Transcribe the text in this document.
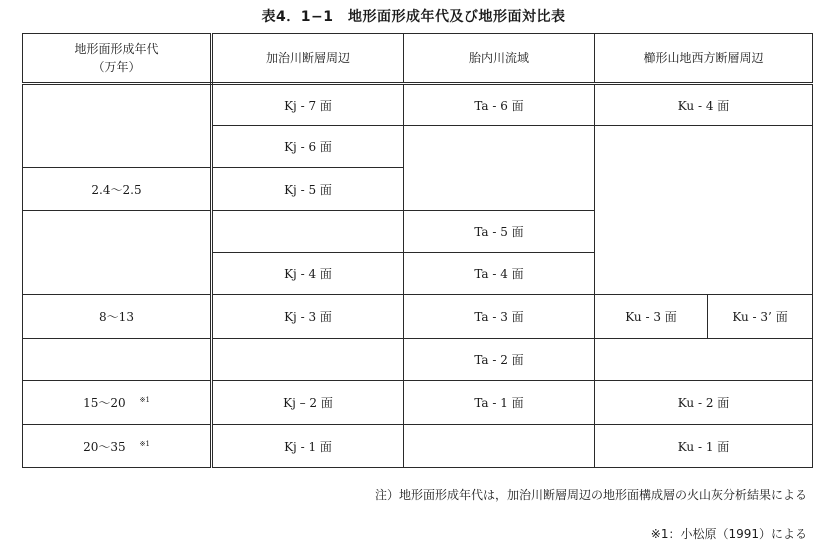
表4．1−1　地形面形成年代及び地形面対比表
地形面形成年代
（万年）	加治川断層周辺	胎内川流域	櫛形山地西方断層周辺	
	Kj - 7 面	Ta - 6 面	Ku - 4 面	
	Kj - 6 面			
2.4〜2.5	Kj - 5 面			
		Ta - 5 面		
	Kj - 4 面	Ta - 4 面		
8〜13	Kj - 3 面	Ta - 3 面	Ku - 3 面	Ku - 3’ 面
		Ta - 2 面		
15〜20 $^{※1}$	Kj – 2 面	Ta - 1 面	Ku - 2 面	
20〜35 $^{※1}$	Kj - 1 面		Ku - 1 面	
注）地形面形成年代は，加治川断層周辺の地形面構成層の火山灰分析結果による
※1：小松原（1991）による
